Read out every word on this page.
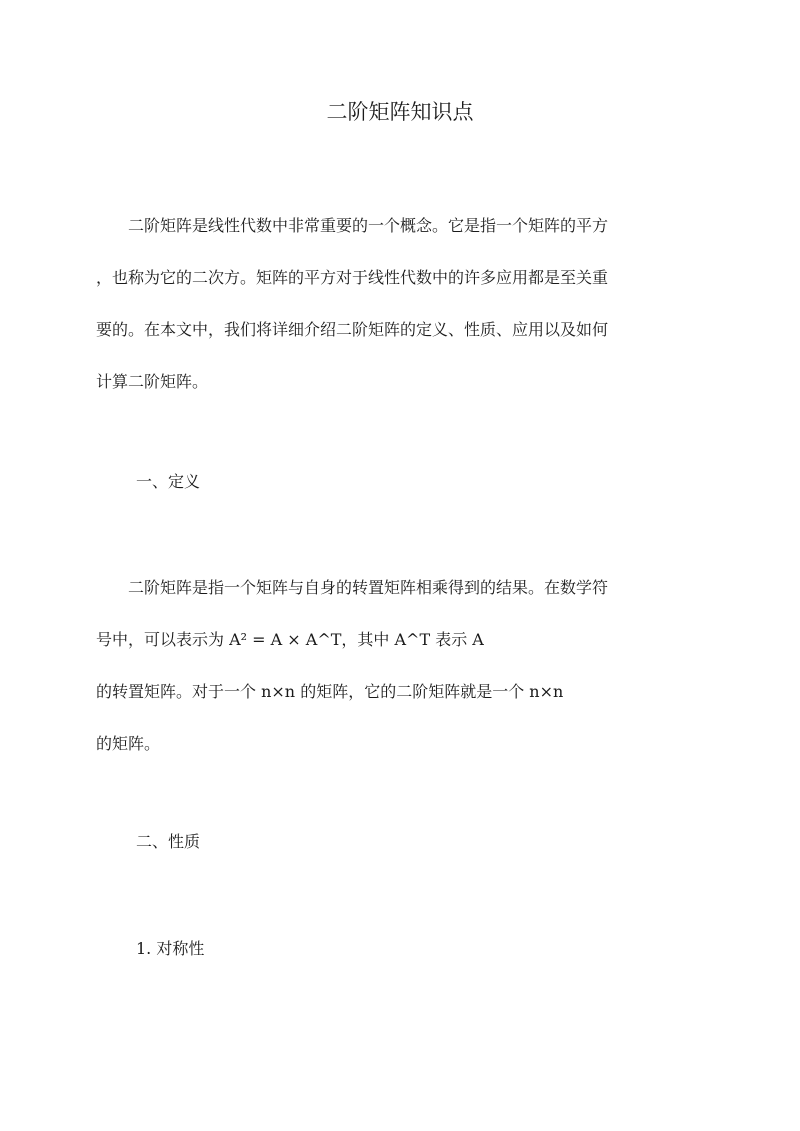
二阶矩阵知识点

　　二阶矩阵是线性代数中非常重要的一个概念。它是指一个矩阵的平方
，也称为它的二次方。矩阵的平方对于线性代数中的许多应用都是至关重
要的。在本文中，我们将详细介绍二阶矩阵的定义、性质、应用以及如何
计算二阶矩阵。

一、定义

　　二阶矩阵是指一个矩阵与自身的转置矩阵相乘得到的结果。在数学符
号中，可以表示为 A² = A × A^T，其中 A^T 表示 A
的转置矩阵。对于一个 n×n 的矩阵，它的二阶矩阵就是一个 n×n
的矩阵。

二、性质
1. 对称性
